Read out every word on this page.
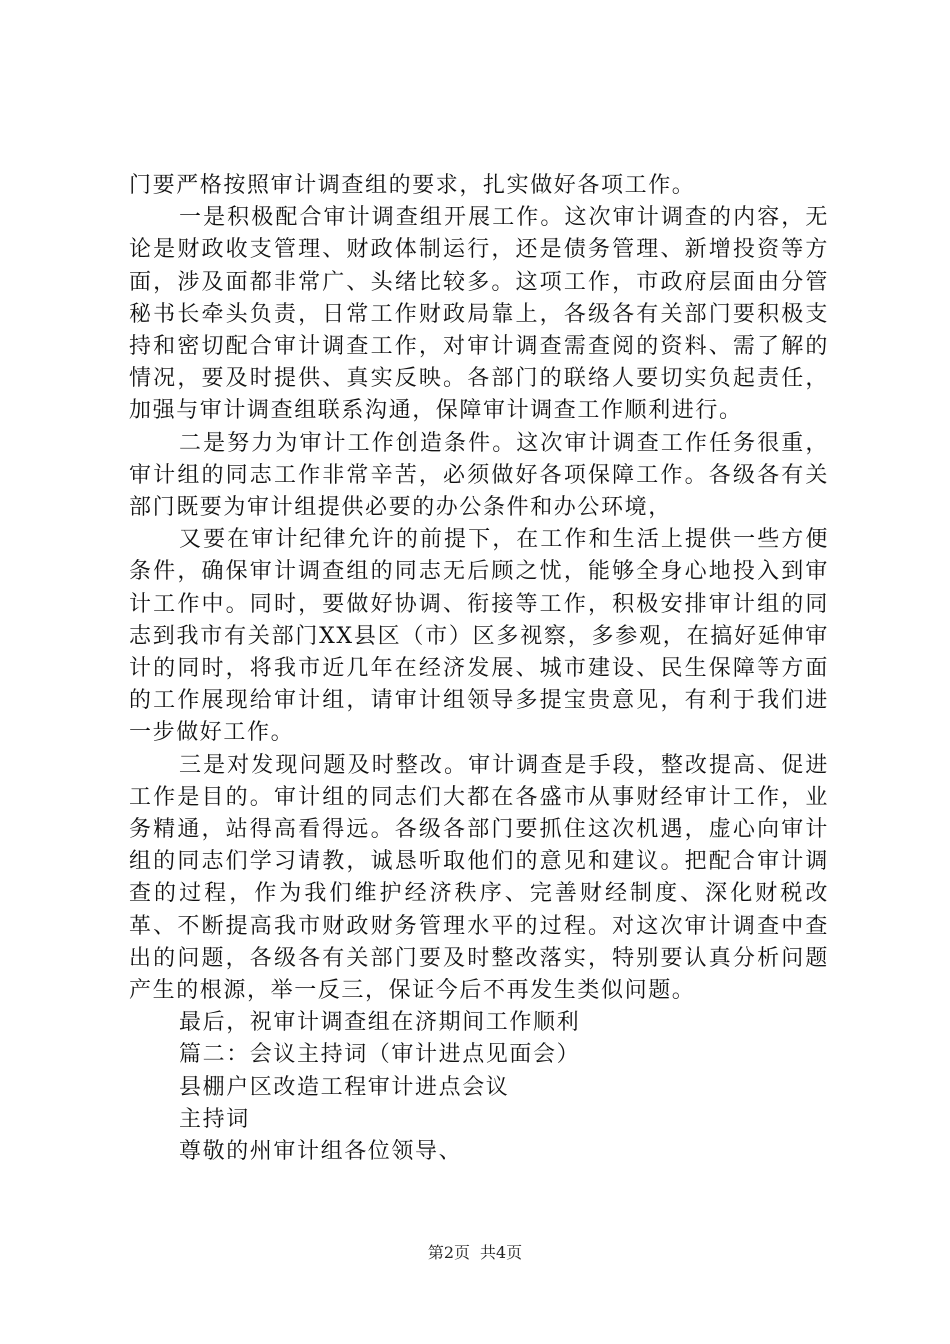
门要严格按照审计调查组的要求，扎实做好各项工作。

一是积极配合审计调查组开展工作。这次审计调查的内容，无论是财政收支管理、财政体制运行，还是债务管理、新增投资等方面，涉及面都非常广、头绪比较多。这项工作，市政府层面由分管秘书长牵头负责，日常工作财政局靠上，各级各有关部门要积极支持和密切配合审计调查工作，对审计调查需查阅的资料、需了解的情况，要及时提供、真实反映。各部门的联络人要切实负起责任，加强与审计调查组联系沟通，保障审计调查工作顺利进行。

二是努力为审计工作创造条件。这次审计调查工作任务很重，审计组的同志工作非常辛苦，必须做好各项保障工作。各级各有关部门既要为审计组提供必要的办公条件和办公环境，

又要在审计纪律允许的前提下，在工作和生活上提供一些方便条件，确保审计调查组的同志无后顾之忧，能够全身心地投入到审计工作中。同时，要做好协调、衔接等工作，积极安排审计组的同志到我市有关部门XX县区（市）区多视察，多参观，在搞好延伸审计的同时，将我市近几年在经济发展、城市建设、民生保障等方面的工作展现给审计组，请审计组领导多提宝贵意见，有利于我们进一步做好工作。

三是对发现问题及时整改。审计调查是手段，整改提高、促进工作是目的。审计组的同志们大都在各盛市从事财经审计工作，业务精通，站得高看得远。各级各部门要抓住这次机遇，虚心向审计组的同志们学习请教，诚恳听取他们的意见和建议。把配合审计调查的过程，作为我们维护经济秩序、完善财经制度、深化财税改革、不断提高我市财政财务管理水平的过程。对这次审计调查中查出的问题，各级各有关部门要及时整改落实，特别要认真分析问题产生的根源，举一反三，保证今后不再发生类似问题。

最后，祝审计调查组在济期间工作顺利

篇二：会议主持词（审计进点见面会）

县棚户区改造工程审计进点会议

主持词

尊敬的州审计组各位领导、

第2页 共4页
